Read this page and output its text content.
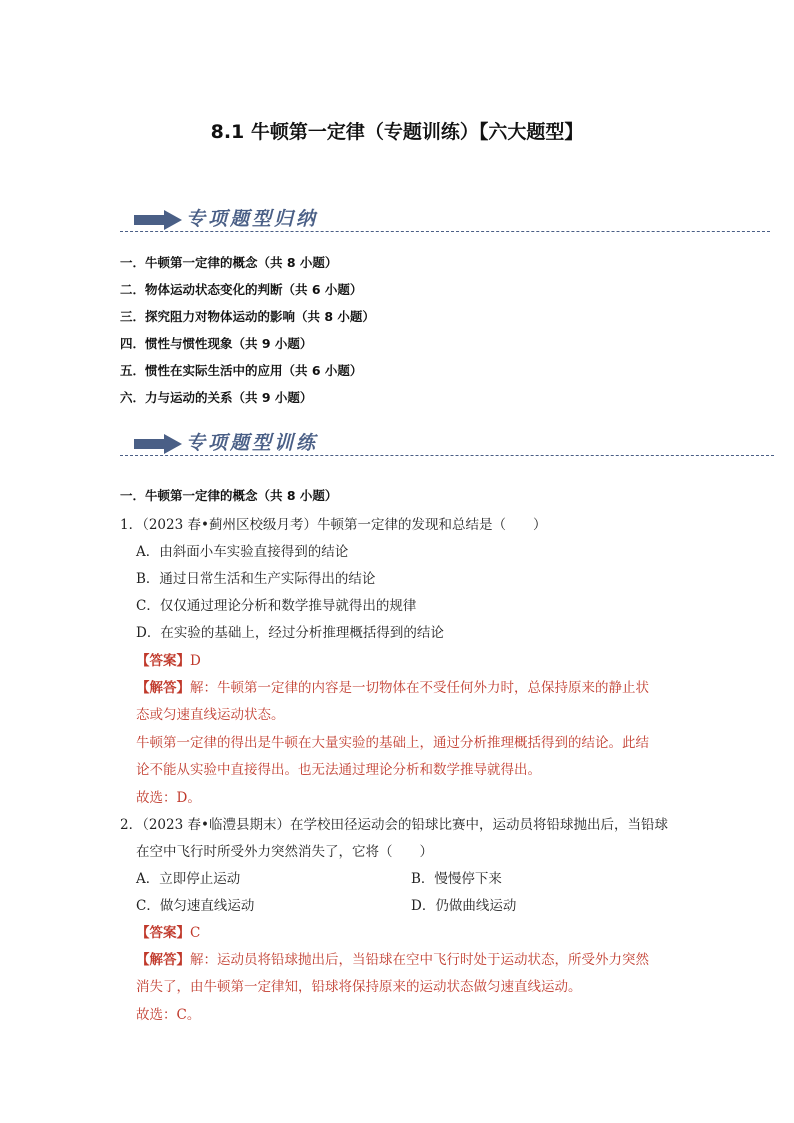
8.1 牛顿第一定律（专题训练）【六大题型】
专项题型归纳
一．牛顿第一定律的概念（共 8 小题）
二．物体运动状态变化的判断（共 6 小题）
三．探究阻力对物体运动的影响（共 8 小题）
四．惯性与惯性现象（共 9 小题）
五．惯性在实际生活中的应用（共 6 小题）
六．力与运动的关系（共 9 小题）
专项题型训练
一．牛顿第一定律的概念（共 8 小题）
1．（2023 春•蓟州区校级月考）牛顿第一定律的发现和总结是（　　）
A．由斜面小车实验直接得到的结论
B．通过日常生活和生产实际得出的结论
C．仅仅通过理论分析和数学推导就得出的规律
D．在实验的基础上，经过分析推理概括得到的结论
【答案】D
【解答】解：牛顿第一定律的内容是一切物体在不受任何外力时，总保持原来的静止状
态或匀速直线运动状态。
牛顿第一定律的得出是牛顿在大量实验的基础上，通过分析推理概括得到的结论。此结
论不能从实验中直接得出。也无法通过理论分析和数学推导就得出。
故选：D。
2．（2023 春•临澧县期末）在学校田径运动会的铅球比赛中，运动员将铅球抛出后，当铅球
在空中飞行时所受外力突然消失了，它将（　　）
A．立即停止运动	B．慢慢停下来
C．做匀速直线运动	D．仍做曲线运动
【答案】C
【解答】解：运动员将铅球抛出后，当铅球在空中飞行时处于运动状态，所受外力突然
消失了，由牛顿第一定律知，铅球将保持原来的运动状态做匀速直线运动。
故选：C。
